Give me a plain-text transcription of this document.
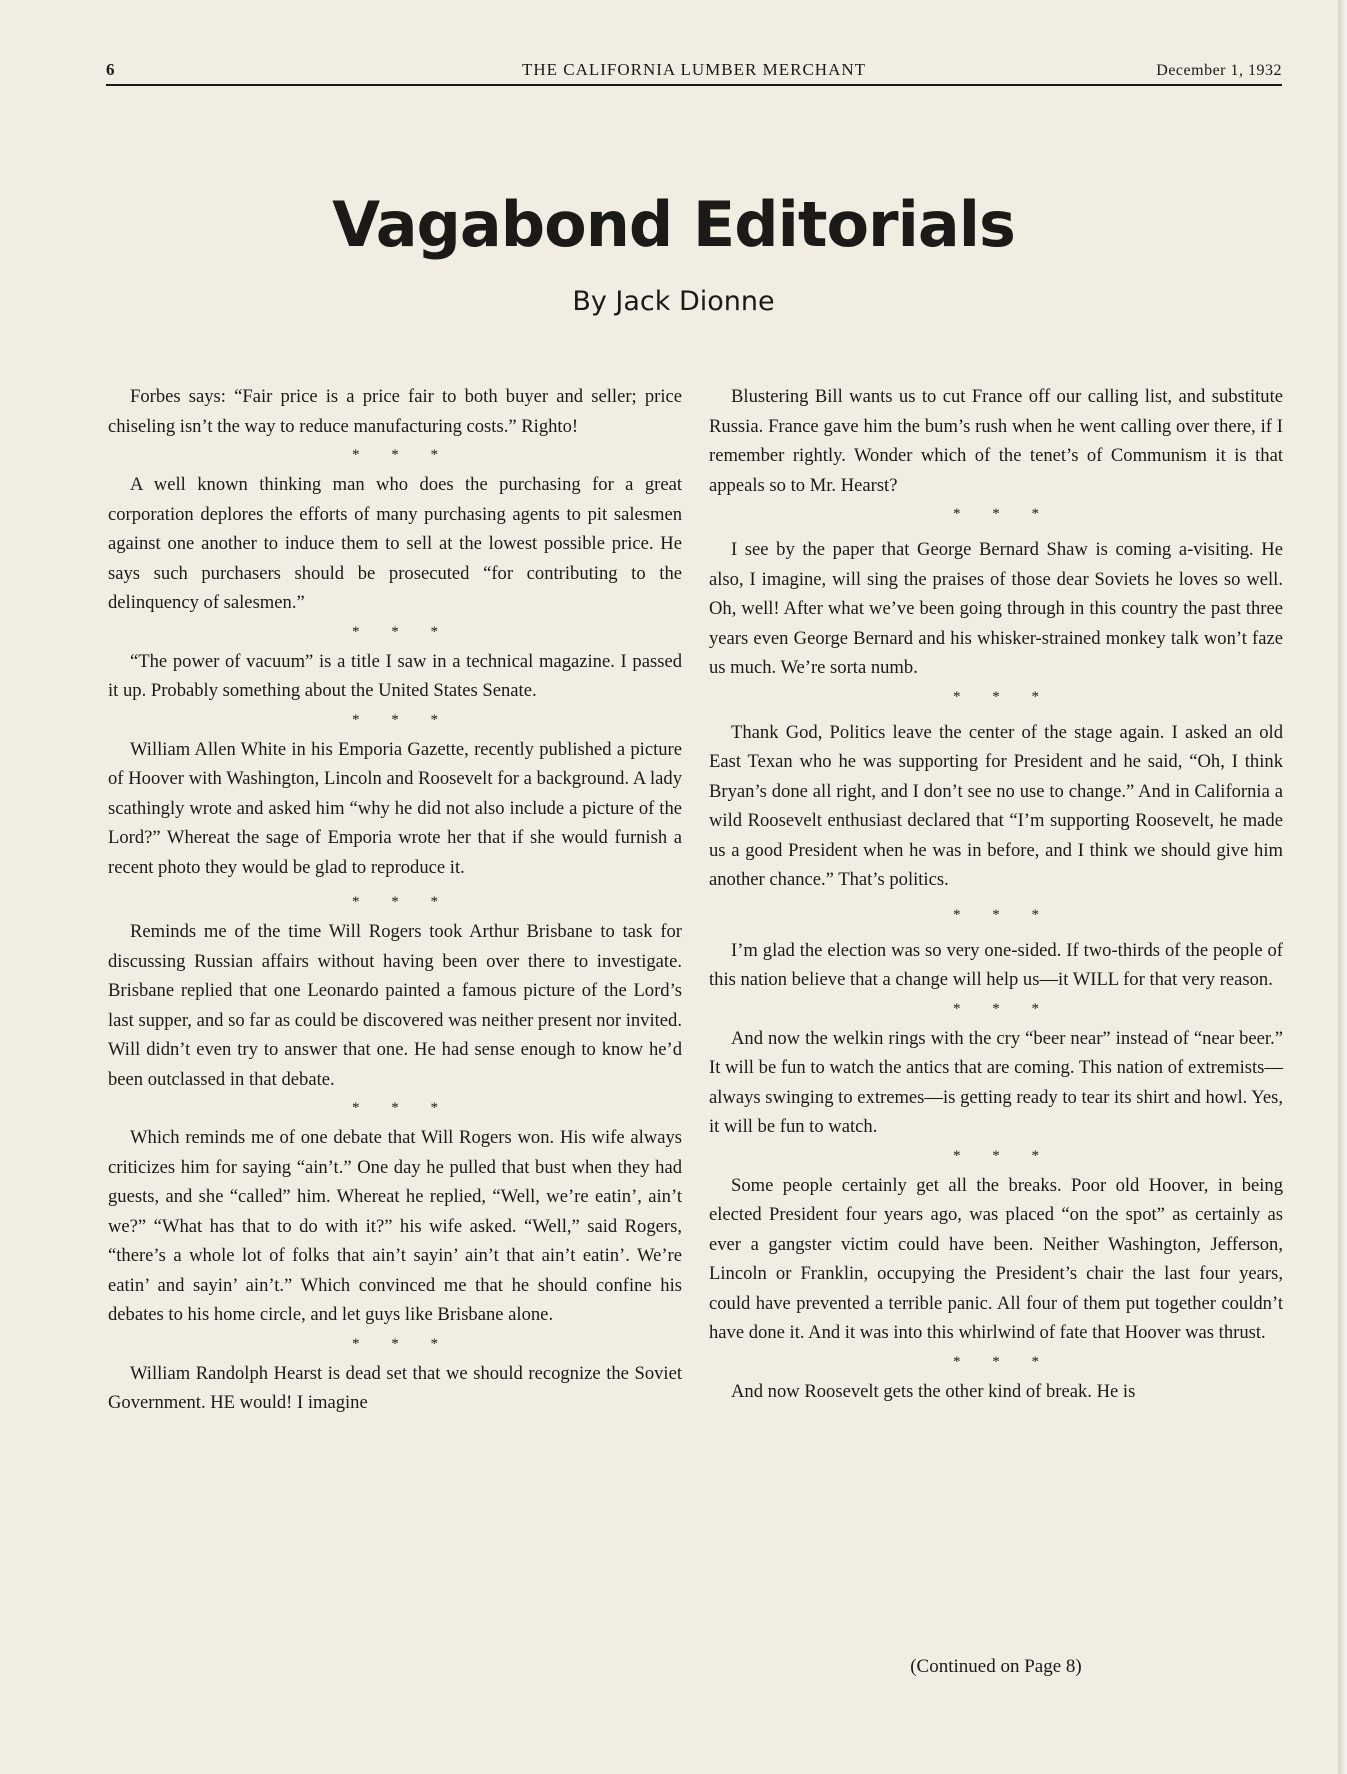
6	THE CALIFORNIA LUMBER MERCHANT	December 1, 1932
Vagabond Editorials
By Jack Dionne

Forbes says: “Fair price is a price fair to both buyer and seller; price chiseling isn’t the way to reduce manufacturing costs.” Righto!

* * *

A well known thinking man who does the purchasing for a great corporation deplores the efforts of many purchasing agents to pit salesmen against one another to induce them to sell at the lowest possible price. He says such purchasers should be prosecuted “for contributing to the delinquency of salesmen.”

* * *

“The power of vacuum” is a title I saw in a technical magazine. I passed it up. Probably something about the United States Senate.

* * *

William Allen White in his Emporia Gazette, recently published a picture of Hoover with Washington, Lincoln and Roosevelt for a background. A lady scathingly wrote and asked him “why he did not also include a picture of the Lord?” Whereat the sage of Emporia wrote her that if she would furnish a recent photo they would be glad to reproduce it.

* * *

Reminds me of the time Will Rogers took Arthur Brisbane to task for discussing Russian affairs without having been over there to investigate. Brisbane replied that one Leonardo painted a famous picture of the Lord’s last supper, and so far as could be discovered was neither present nor invited. Will didn’t even try to answer that one. He had sense enough to know he’d been outclassed in that debate.

* * *

Which reminds me of one debate that Will Rogers won. His wife always criticizes him for saying “ain’t.” One day he pulled that bust when they had guests, and she “called” him. Whereat he replied, “Well, we’re eatin’, ain’t we?” “What has that to do with it?” his wife asked. “Well,” said Rogers, “there’s a whole lot of folks that ain’t sayin’ ain’t that ain’t eatin’. We’re eatin’ and sayin’ ain’t.” Which convinced me that he should confine his debates to his home circle, and let guys like Brisbane alone.

* * *

William Randolph Hearst is dead set that we should recognize the Soviet Government. HE would! I imagine

Blustering Bill wants us to cut France off our calling list, and substitute Russia. France gave him the bum’s rush when he went calling over there, if I remember rightly. Wonder which of the tenet’s of Communism it is that appeals so to Mr. Hearst?

* * *

I see by the paper that George Bernard Shaw is coming a-visiting. He also, I imagine, will sing the praises of those dear Soviets he loves so well. Oh, well! After what we’ve been going through in this country the past three years even George Bernard and his whisker-strained monkey talk won’t faze us much. We’re sorta numb.

* * *

Thank God, Politics leave the center of the stage again. I asked an old East Texan who he was supporting for President and he said, “Oh, I think Bryan’s done all right, and I don’t see no use to change.” And in California a wild Roosevelt enthusiast declared that “I’m supporting Roosevelt, he made us a good President when he was in before, and I think we should give him another chance.” That’s politics.

* * *

I’m glad the election was so very one-sided. If two-thirds of the people of this nation believe that a change will help us—it WILL for that very reason.

* * *

And now the welkin rings with the cry “beer near” instead of “near beer.” It will be fun to watch the antics that are coming. This nation of extremists—always swinging to extremes—is getting ready to tear its shirt and howl. Yes, it will be fun to watch.

* * *

Some people certainly get all the breaks. Poor old Hoover, in being elected President four years ago, was placed “on the spot” as certainly as ever a gangster victim could have been. Neither Washington, Jefferson, Lincoln or Franklin, occupying the President’s chair the last four years, could have prevented a terrible panic. All four of them put together couldn’t have done it. And it was into this whirlwind of fate that Hoover was thrust.

* * *

And now Roosevelt gets the other kind of break. He is

(Continued on Page 8)
